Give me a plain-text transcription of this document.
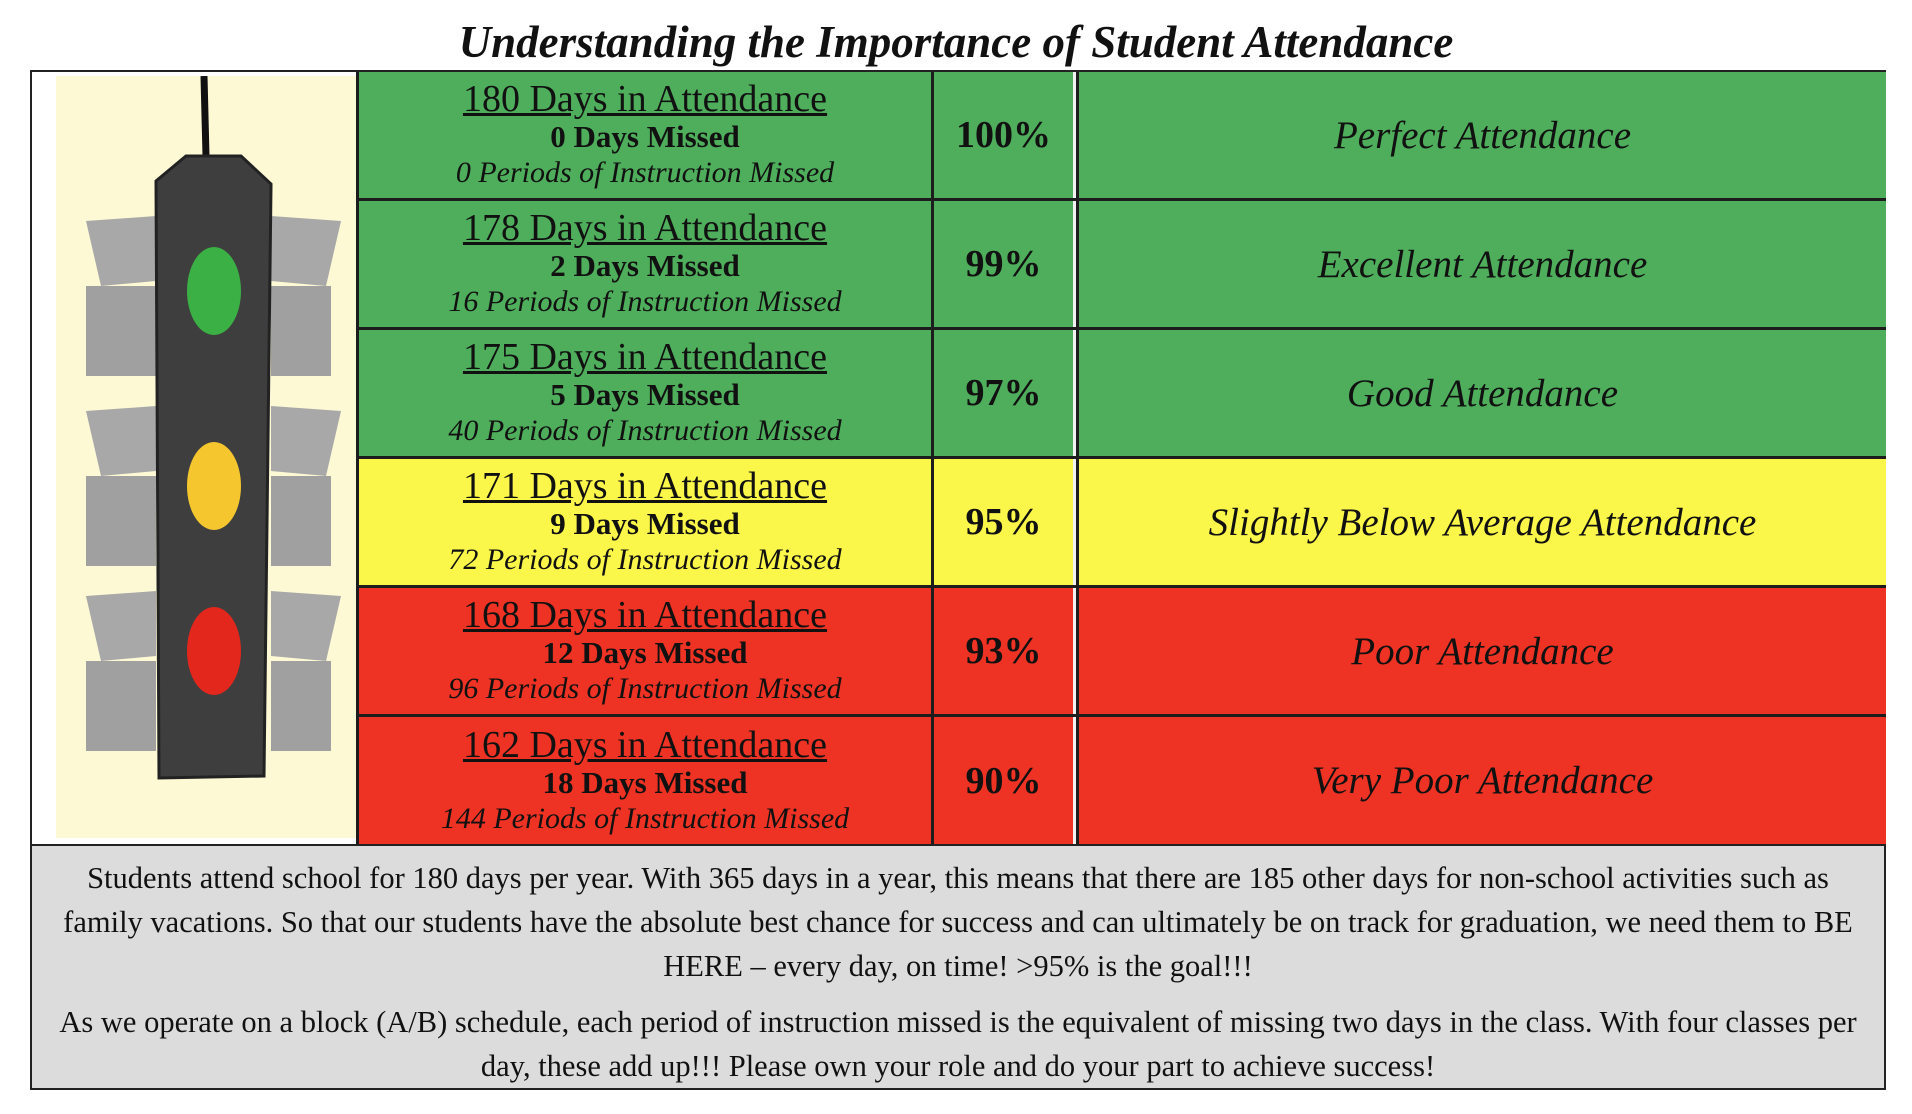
Understanding the Importance of Student Attendance
180 Days in Attendance
0 Days Missed
0 Periods of Instruction Missed
100%	Perfect Attendance
178 Days in Attendance
2 Days Missed
16 Periods of Instruction Missed
99%	Excellent Attendance
175 Days in Attendance
5 Days Missed
40 Periods of Instruction Missed
97%	Good Attendance
171 Days in Attendance
9 Days Missed
72 Periods of Instruction Missed
95%	Slightly Below Average Attendance
168 Days in Attendance
12 Days Missed
96 Periods of Instruction Missed
93%	Poor Attendance
162 Days in Attendance
18 Days Missed
144 Periods of Instruction Missed
90%	Very Poor Attendance

Students attend school for 180 days per year. With 365 days in a year, this means that there are 185 other days for non-school activities such as family vacations. So that our students have the absolute best chance for success and can ultimately be on track for graduation, we need them to BE HERE – every day, on time! >95% is the goal!!!

As we operate on a block (A/B) schedule, each period of instruction missed is the equivalent of missing two days in the class. With four classes per day, these add up!!! Please own your role and do your part to achieve success!
